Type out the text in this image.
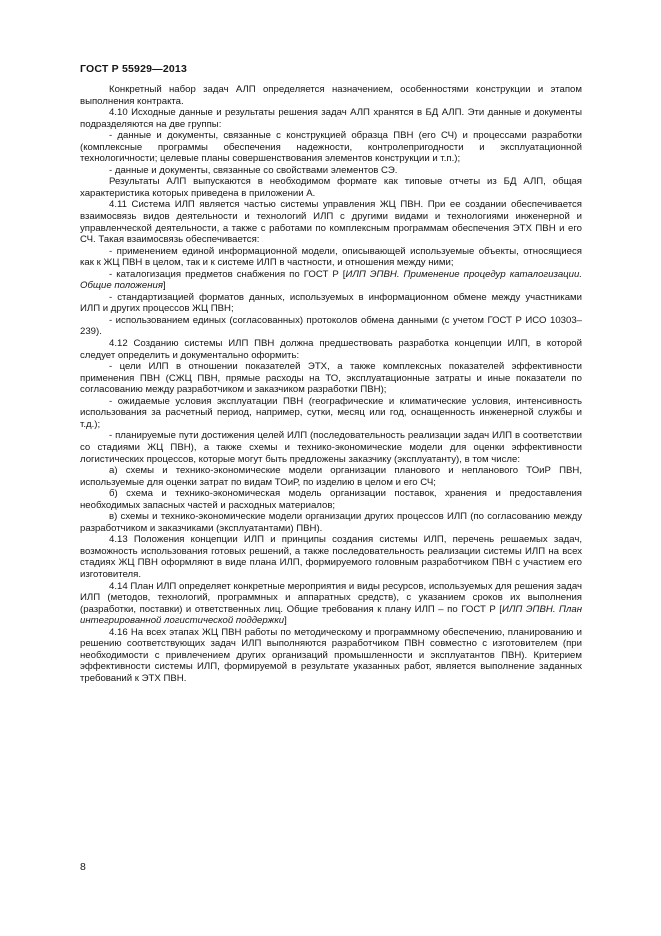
ГОСТ Р 55929—2013

Конкретный набор задач АЛП определяется назначением, особенностями конструкции и этапом выполнения контракта.

4.10 Исходные данные и результаты решения задач АЛП хранятся в БД АЛП. Эти данные и документы подразделяются на две группы:

- данные и документы, связанные с конструкцией образца ПВН (его СЧ) и процессами разработки (комплексные программы обеспечения надежности, контролепригодности и эксплуатационной технологичности; целевые планы совершенствования элементов конструкции и т.п.);

- данные и документы, связанные со свойствами элементов СЭ.

Результаты АЛП выпускаются в необходимом формате как типовые отчеты из БД АЛП, общая характеристика которых приведена в приложении А.

4.11 Система ИЛП является частью системы управления ЖЦ ПВН. При ее создании обеспечивается взаимосвязь видов деятельности и технологий ИЛП с другими видами и технологиями инженерной и управленческой деятельности, а также с работами по комплексным программам обеспечения ЭТХ ПВН и его СЧ. Такая взаимосвязь обеспечивается:

- применением единой информационной модели, описывающей используемые объекты, относящиеся как к ЖЦ ПВН в целом, так и к системе ИЛП в частности, и отношения между ними;

- каталогизация предметов снабжения по ГОСТ Р [ИЛП ЭПВН. Применение процедур каталогизации. Общие положения]

- стандартизацией форматов данных, используемых в информационном обмене между участниками ИЛП и других процессов ЖЦ ПВН;

- использованием единых (согласованных) протоколов обмена данными (с учетом ГОСТ Р ИСО 10303–239).

4.12 Созданию системы ИЛП ПВН должна предшествовать разработка концепции ИЛП, в которой следует определить и документально оформить:

- цели ИЛП в отношении показателей ЭТХ, а также комплексных показателей эффективности применения ПВН (СЖЦ ПВН, прямые расходы на ТО, эксплуатационные затраты и иные показатели по согласованию между разработчиком и заказчиком разработки ПВН);

- ожидаемые условия эксплуатации ПВН (географические и климатические условия, интенсивность использования за расчетный период, например, сутки, месяц или год, оснащенность инженерной службы и т.д.);

- планируемые пути достижения целей ИЛП (последовательность реализации задач ИЛП в соответствии со стадиями ЖЦ ПВН), а также схемы и технико-экономические модели для оценки эффективности логистических процессов, которые могут быть предложены заказчику (эксплуатанту), в том числе:

а) схемы и технико-экономические модели организации планового и непланового ТОиР ПВН, используемые для оценки затрат по видам ТОиР, по изделию в целом и его СЧ;

б) схема и технико-экономическая модель организации поставок, хранения и предоставления необходимых запасных частей и расходных материалов;

в) схемы и технико-экономические модели организации других процессов ИЛП (по согласованию между разработчиком и заказчиками (эксплуатантами) ПВН).

4.13 Положения концепции ИЛП и принципы создания системы ИЛП, перечень решаемых задач, возможность использования готовых решений, а также последовательность реализации системы ИЛП на всех стадиях ЖЦ ПВН оформляют в виде плана ИЛП, формируемого головным разработчиком ПВН с участием его изготовителя.

4.14 План ИЛП определяет конкретные мероприятия и виды ресурсов, используемых для решения задач ИЛП (методов, технологий, программных и аппаратных средств), с указанием сроков их выполнения (разработки, поставки) и ответственных лиц. Общие требования к плану ИЛП – по ГОСТ Р [ИЛП ЭПВН. План интегрированной логистической поддержки]

4.16 На всех этапах ЖЦ ПВН работы по методическому и программному обеспечению, планированию и решению соответствующих задач ИЛП выполняются разработчиком ПВН совместно с изготовителем (при необходимости с привлечением других организаций промышленности и эксплуатантов ПВН). Критерием эффективности системы ИЛП, формируемой в результате указанных работ, является выполнение заданных требований к ЭТХ ПВН.

8
